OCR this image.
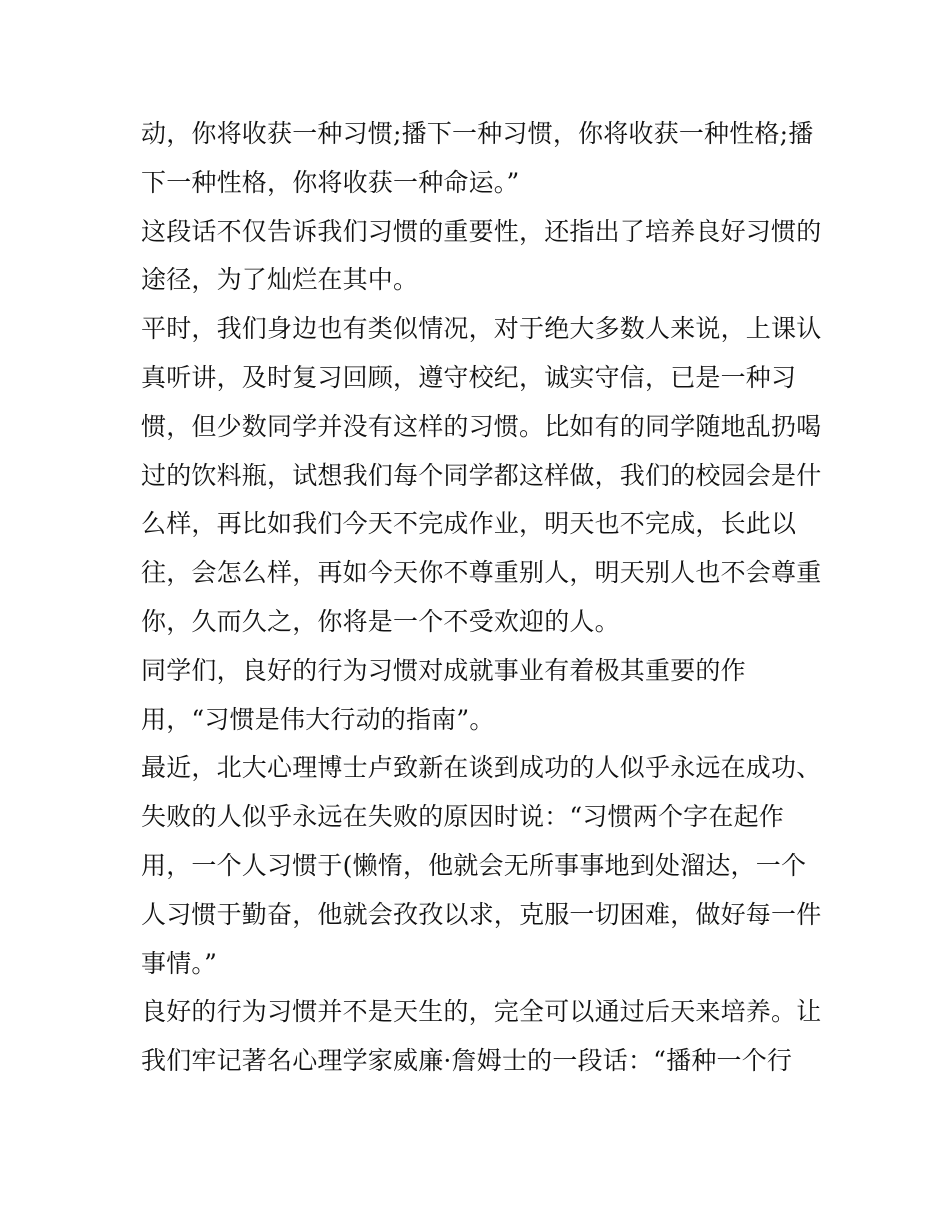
动，你将收获一种习惯;播下一种习惯，你将收获一种性格;播
下一种性格，你将收获一种命运。”
这段话不仅告诉我们习惯的重要性，还指出了培养良好习惯的
途径，为了灿烂在其中。
平时，我们身边也有类似情况，对于绝大多数人来说，上课认
真听讲，及时复习回顾，遵守校纪，诚实守信，已是一种习
惯，但少数同学并没有这样的习惯。比如有的同学随地乱扔喝
过的饮料瓶，试想我们每个同学都这样做，我们的校园会是什
么样，再比如我们今天不完成作业，明天也不完成，长此以
往，会怎么样，再如今天你不尊重别人，明天别人也不会尊重
你，久而久之，你将是一个不受欢迎的人。
同学们，良好的行为习惯对成就事业有着极其重要的作
用，“习惯是伟大行动的指南”。
最近，北大心理博士卢致新在谈到成功的人似乎永远在成功、
失败的人似乎永远在失败的原因时说：“习惯两个字在起作
用，一个人习惯于(懒惰，他就会无所事事地到处溜达，一个
人习惯于勤奋，他就会孜孜以求，克服一切困难，做好每一件
事情。”
良好的行为习惯并不是天生的，完全可以通过后天来培养。让
我们牢记著名心理学家威廉·詹姆士的一段话：“播种一个行
